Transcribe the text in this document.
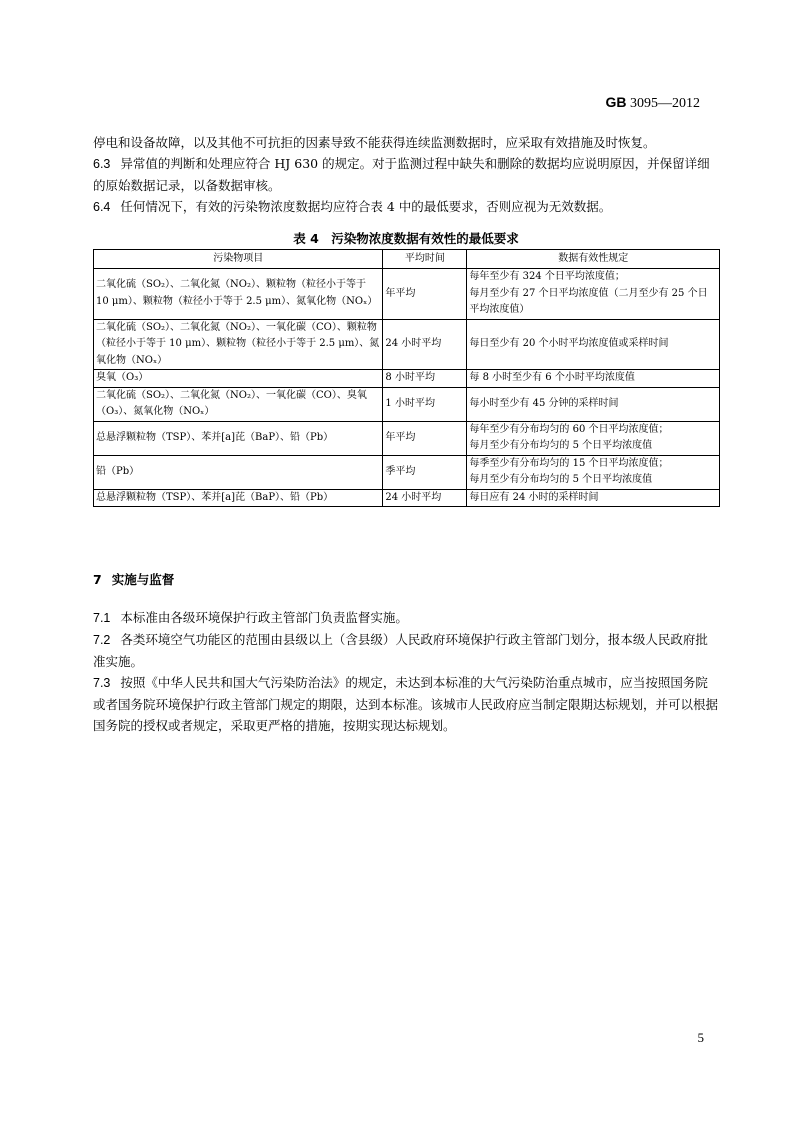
GB 3095—2012

停电和设备故障，以及其他不可抗拒的因素导致不能获得连续监测数据时，应采取有效措施及时恢复。

6.3 异常值的判断和处理应符合 HJ 630 的规定。对于监测过程中缺失和删除的数据均应说明原因，并保留详细的原始数据记录，以备数据审核。

6.4 任何情况下，有效的污染物浓度数据均应符合表 4 中的最低要求，否则应视为无效数据。

表 4　污染物浓度数据有效性的最低要求
污染物项目	平均时间	数据有效性规定
二氧化硫（SO₂）、二氧化氮（NO₂）、颗粒物（粒径小于等于 10 μm）、颗粒物（粒径小于等于 2.5 μm）、氮氧化物（NOₓ）	年平均	每年至少有 324 个日平均浓度值；
每月至少有 27 个日平均浓度值（二月至少有 25 个日平均浓度值）
二氧化硫（SO₂）、二氧化氮（NO₂）、一氧化碳（CO）、颗粒物（粒径小于等于 10 μm）、颗粒物（粒径小于等于 2.5 μm）、氮氧化物（NOₓ）	24 小时平均	每日至少有 20 个小时平均浓度值或采样时间
臭氧（O₃）	8 小时平均	每 8 小时至少有 6 个小时平均浓度值
二氧化硫（SO₂）、二氧化氮（NO₂）、一氧化碳（CO）、臭氧（O₃）、氮氧化物（NOₓ）	1 小时平均	每小时至少有 45 分钟的采样时间
总悬浮颗粒物（TSP）、苯并[a]芘（BaP）、铅（Pb）	年平均	每年至少有分布均匀的 60 个日平均浓度值；
每月至少有分布均匀的 5 个日平均浓度值
铅（Pb）	季平均	每季至少有分布均匀的 15 个日平均浓度值；
每月至少有分布均匀的 5 个日平均浓度值
总悬浮颗粒物（TSP）、苯并[a]芘（BaP）、铅（Pb）	24 小时平均	每日应有 24 小时的采样时间
7 实施与监督

7.1 本标准由各级环境保护行政主管部门负责监督实施。

7.2 各类环境空气功能区的范围由县级以上（含县级）人民政府环境保护行政主管部门划分，报本级人民政府批准实施。

7.3 按照《中华人民共和国大气污染防治法》的规定，未达到本标准的大气污染防治重点城市，应当按照国务院或者国务院环境保护行政主管部门规定的期限，达到本标准。该城市人民政府应当制定限期达标规划，并可以根据国务院的授权或者规定，采取更严格的措施，按期实现达标规划。

5
